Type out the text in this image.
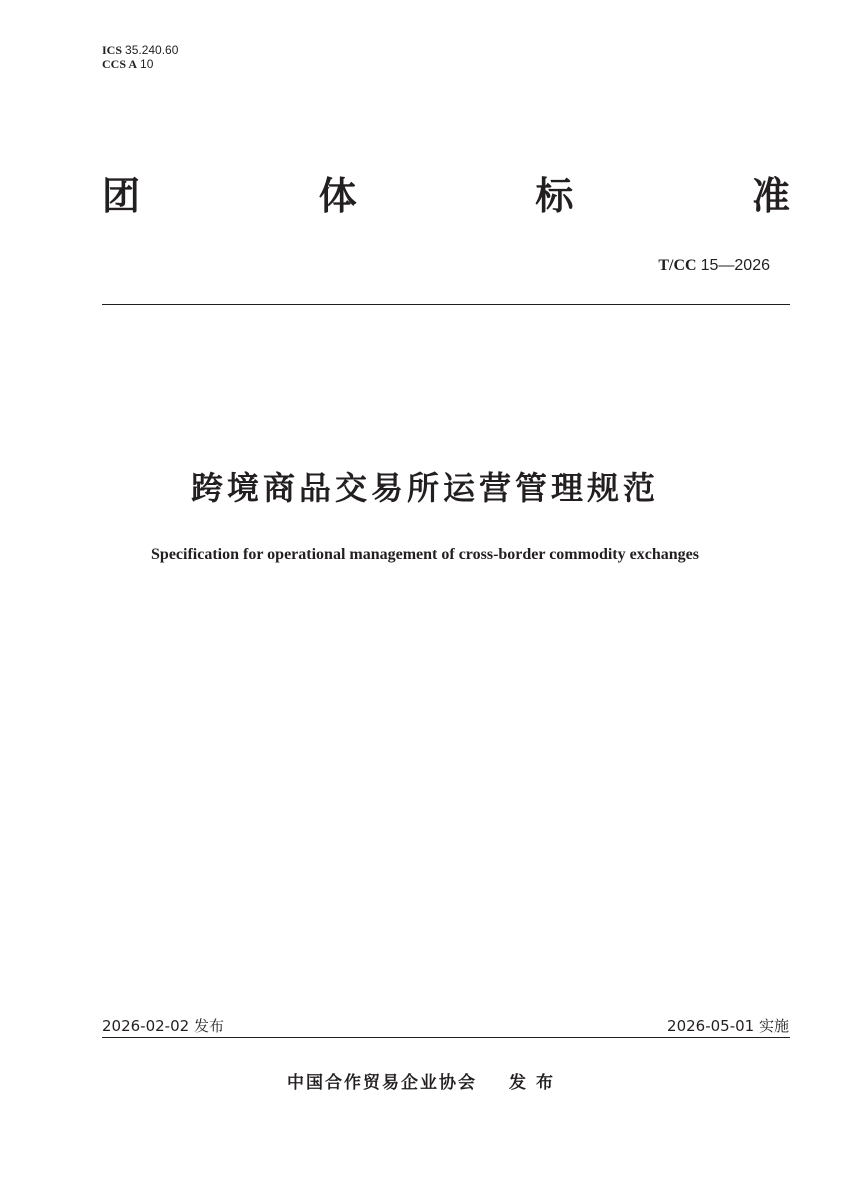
ICS 35.240.60
CCS A 10
团	体	标	准
T/CC 15—2026
跨境商品交易所运营管理规范
Specification for operational management of cross-border commodity exchanges
2026-02-02 发布	2026-05-01 实施
中国合作贸易企业协会 发布
